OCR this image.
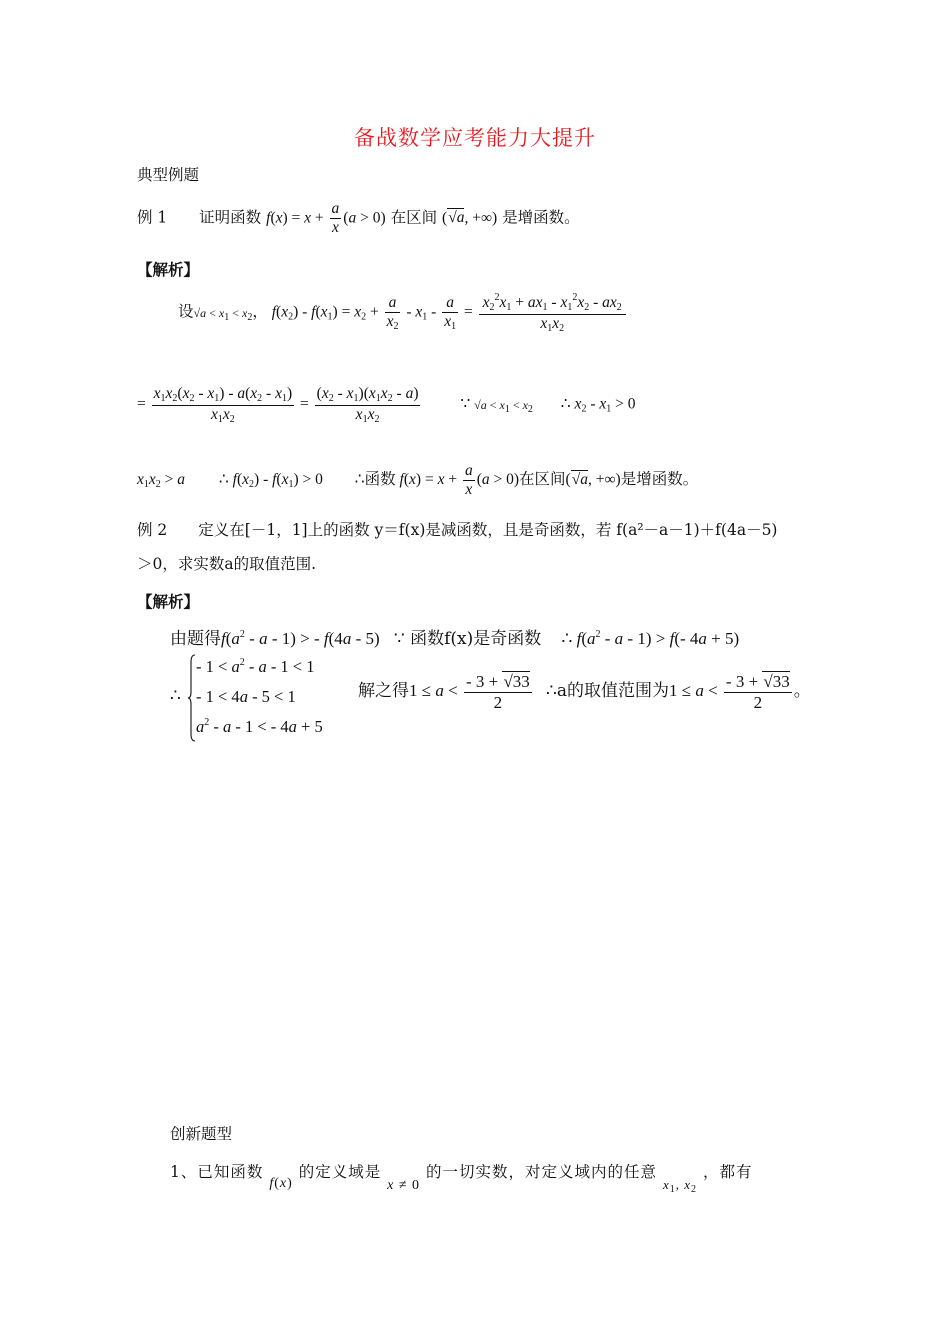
备战数学应考能力大提升
典型例题
例 1 证明函数 $f(x) = x + \frac{a}{x} (a > 0)$ 在区间 (√a, +∞) 是增函数。
【解析】
设$√a < x_1 < x_2$， $f(x_2) - f(x_1) = x_2 + \frac{a}{x_2} - x_1 - \frac{a}{x_1} = \frac{x_2^2x_1 + ax_1 - x_1^2x_2 - ax_2}{x_1x_2}$
= $\frac{x_1x_2(x_2 - x_1) - a(x_2 - x_1)}{x_1x_2} = \frac{(x_2 - x_1)(x_1x_2 - a)}{x_1x_2}$	∵ $√a < x_1 < x_2$ ∴ $x_2 - x_1 > 0$
$x_1x_2 > a$ ∴ $f(x_2) - f(x_1) > 0$ ∴函数 $f(x) = x + \frac{a}{x} (a > 0)$在区间(√a, +∞)是增函数。
例 2　　定义在[－1，1]上的函数 y＝f(x)是减函数，且是奇函数，若 f(a²－a－1)＋f(4a－5)
＞0，求实数a的取值范围.
【解析】
由题得$f(a^2$ - a - 1) > - f(4a - 5) ∵ 函数f(x)是奇函数 ∴ $f(a^2 - a - 1) > f(-$ 4a + 5)
∴
- $1 < a^2 - a - 1 < 1$
- 1 < 4a - 5 < 1
$a^2$ - a - 1 < - 4a + 5
解之得$1 \le a < \frac{- 3 + √33}{2}$ ∴a的取值范围为$1 \le a < \frac{- 3 + √33}{2}$ 。
创新题型
1、已知函数 f(x) 的定义域是 x ≠ 0 的一切实数，对定义域内的任意 $_{x_1, x_2}$ ，都有
